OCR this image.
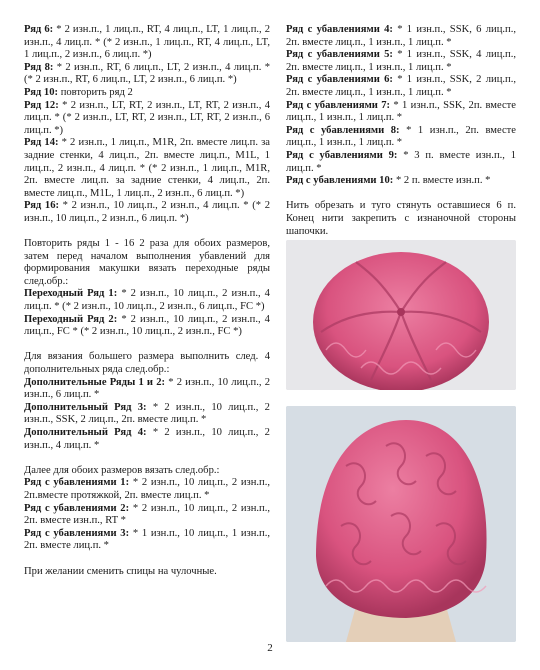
Ряд 6: * 2 изн.п., 1 лиц.п., RT, 4 лиц.п., LT, 1 лиц.п., 2 изн.п., 4 лиц.п. * (* 2 изн.п., 1 лиц.п., RT, 4 лиц.п., LT, 1 лиц.п., 2 изн.п., 6 лиц.п. *)

Ряд 8: * 2 изн.п., RT, 6 лиц.п., LT, 2 изн.п., 4 лиц.п. * (* 2 изн.п., RT, 6 лиц.п., LT, 2 изн.п., 6 лиц.п. *)

Ряд 10: повторить ряд 2

Ряд 12: * 2 изн.п., LT, RT, 2 изн.п., LT, RT, 2 изн.п., 4 лиц.п. * (* 2 изн.п., LT, RT, 2 изн.п., LT, RT, 2 изн.п., 6 лиц.п. *)

Ряд 14: * 2 изн.п., 1 лиц.п., M1R, 2п. вместе лиц.п. за задние стенки, 4 лиц.п., 2п. вместе лиц.п., M1L, 1 лиц.п., 2 изн.п., 4 лиц.п. * (* 2 изн.п., 1 лиц.п., M1R, 2п. вместе лиц.п. за задние стенки, 4 лиц.п., 2п. вместе лиц.п., M1L, 1 лиц.п., 2 изн.п., 6 лиц.п. *)

Ряд 16: * 2 изн.п., 10 лиц.п., 2 изн.п., 4 лиц.п. * (* 2 изн.п., 10 лиц.п., 2 изн.п., 6 лиц.п. *)

Повторить ряды 1 - 16 2 раза для обоих размеров, затем перед началом выполнения убавлений для формирования макушки вязать переходные ряды след.обр.:

Переходный Ряд 1: * 2 изн.п., 10 лиц.п., 2 изн.п., 4 лиц.п. * (* 2 изн.п., 10 лиц.п., 2 изн.п., 6 лиц.п., FC *)

Переходный Ряд 2: * 2 изн.п., 10 лиц.п., 2 изн.п., 4 лиц.п., FC * (* 2 изн.п., 10 лиц.п., 2 изн.п., FC *)

Для вязания большего размера выполнить след. 4 дополнительных ряда след.обр.:

Дополнительные Ряды 1 и 2: * 2 изн.п., 10 лиц.п., 2 изн.п., 6 лиц.п. *

Дополнительный Ряд 3: * 2 изн.п., 10 лиц.п., 2 изн.п., SSK, 2 лиц.п., 2п. вместе лиц.п. *

Дополнительный Ряд 4: * 2 изн.п., 10 лиц.п., 2 изн.п., 4 лиц.п. *

Далее для обоих размеров вязать след.обр.:

Ряд с убавлениями 1: * 2 изн.п., 10 лиц.п., 2 изн.п., 2п.вместе протяжкой, 2п. вместе лиц.п. *

Ряд с убавлениями 2: * 2 изн.п., 10 лиц.п., 2 изн.п., 2п. вместе изн.п., RT *

Ряд с убавлениями 3: * 1 изн.п., 10 лиц.п., 1 изн.п., 2п. вместе лиц.п. *

При желании сменить спицы на чулочные.

Ряд с убавлениями 4: * 1 изн.п., SSK, 6 лиц.п., 2п. вместе лиц.п., 1 изн.п., 1 лиц.п. *

Ряд с убавлениями 5: * 1 изн.п., SSK, 4 лиц.п., 2п. вместе лиц.п., 1 изн.п., 1 лиц.п. *

Ряд с убавлениями 6: * 1 изн.п., SSK, 2 лиц.п., 2п. вместе лиц.п., 1 изн.п., 1 лиц.п. *

Ряд с убавлениями 7: * 1 изн.п., SSK, 2п. вместе лиц.п., 1 изн.п., 1 лиц.п. *

Ряд с убавлениями 8: * 1 изн.п., 2п. вместе лиц.п., 1 изн.п., 1 лиц.п. *

Ряд с убавлениями 9: * 3 п. вместе изн.п., 1 лиц.п. *

Ряд с убавлениями 10: * 2 п. вместе изн.п. *

Нить обрезать и туго стянуть оставшиеся 6 п. Конец нити закрепить с изнаночной стороны шапочки.

2
